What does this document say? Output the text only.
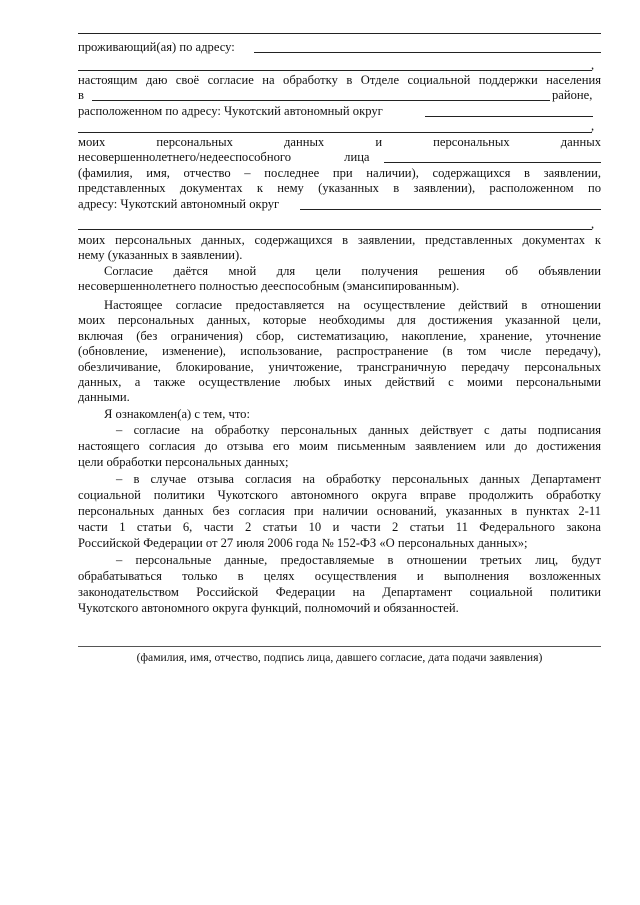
проживающий(ая) по адресу:
,
настоящим даю своё согласие на обработку в Отделе социальной поддержки населения
в	районе,
расположенном по адресу: Чукотский автономный округ
,
моих	персональных	данных	и	персональных	данных
несовершеннолетнего/недееспособного лица
(фамилия, имя, отчество – последнее при наличии), содержащихся в заявлении,
представленных документах к нему (указанных в заявлении), расположенном по
адресу: Чукотский автономный округ
,
моих персональных данных, содержащихся в заявлении, представленных документах к
нему (указанных в заявлении).
Согласие даётся мной для цели получения решения об объявлении
несовершеннолетнего полностью дееспособным (эмансипированным).
Настоящее согласие предоставляется на осуществление действий в отношении
моих персональных данных, которые необходимы для достижения указанной цели,
включая (без ограничения) сбор, систематизацию, накопление, хранение, уточнение
(обновление, изменение), использование, распространение (в том числе передачу),
обезличивание, блокирование, уничтожение, трансграничную передачу персональных
данных, а также осуществление любых иных действий с моими персональными
данными.
Я ознакомлен(а) с тем, что:
– согласие на обработку персональных данных действует с даты подписания
настоящего согласия до отзыва его моим письменным заявлением или до достижения
цели обработки персональных данных;
– в случае отзыва согласия на обработку персональных данных Департамент
социальной политики Чукотского автономного округа вправе продолжить обработку
персональных данных без согласия при наличии оснований, указанных в пунктах 2-11
части 1 статьи 6, части 2 статьи 10 и части 2 статьи 11 Федерального закона
Российской Федерации от 27 июля 2006 года № 152-ФЗ «О персональных данных»;
– персональные данные, предоставляемые в отношении третьих лиц, будут
обрабатываться только в целях осуществления и выполнения возложенных
законодательством Российской Федерации на Департамент социальной политики
Чукотского автономного округа функций, полномочий и обязанностей.
(фамилия, имя, отчество, подпись лица, давшего согласие, дата подачи заявления)
